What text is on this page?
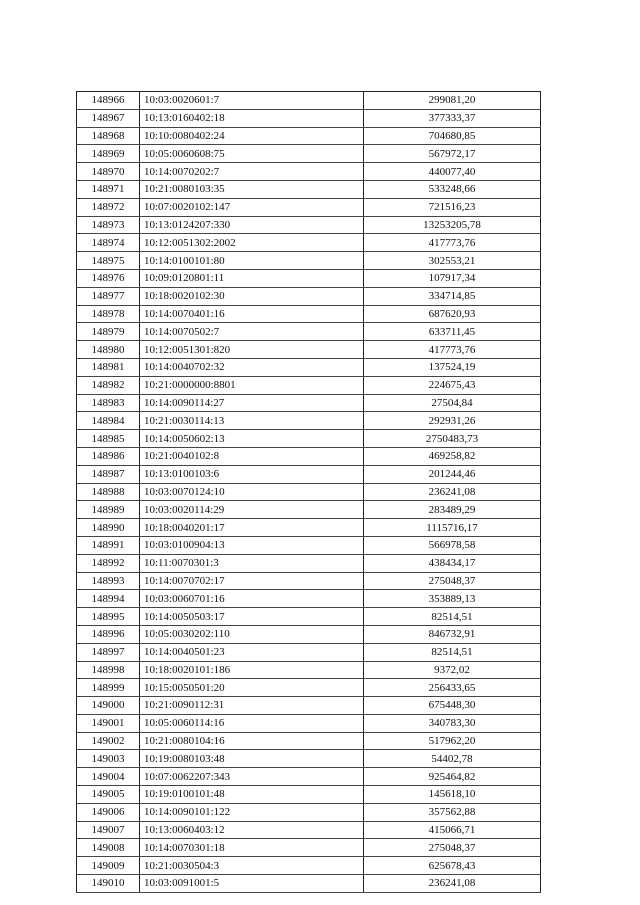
148966	10:03:0020601:7	299081,20
148967	10:13:0160402:18	377333,37
148968	10:10:0080402:24	704680,85
148969	10:05:0060608:75	567972,17
148970	10:14:0070202:7	440077,40
148971	10:21:0080103:35	533248,66
148972	10:07:0020102:147	721516,23
148973	10:13:0124207:330	13253205,78
148974	10:12:0051302:2002	417773,76
148975	10:14:0100101:80	302553,21
148976	10:09:0120801:11	107917,34
148977	10:18:0020102:30	334714,85
148978	10:14:0070401:16	687620,93
148979	10:14:0070502:7	633711,45
148980	10:12:0051301:820	417773,76
148981	10:14:0040702:32	137524,19
148982	10:21:0000000:8801	224675,43
148983	10:14:0090114:27	27504,84
148984	10:21:0030114:13	292931,26
148985	10:14:0050602:13	2750483,73
148986	10:21:0040102:8	469258,82
148987	10:13:0100103:6	201244,46
148988	10:03:0070124:10	236241,08
148989	10:03:0020114:29	283489,29
148990	10:18:0040201:17	1115716,17
148991	10:03:0100904:13	566978,58
148992	10:11:0070301:3	438434,17
148993	10:14:0070702:17	275048,37
148994	10:03:0060701:16	353889,13
148995	10:14:0050503:17	82514,51
148996	10:05:0030202:110	846732,91
148997	10:14:0040501:23	82514,51
148998	10:18:0020101:186	9372,02
148999	10:15:0050501:20	256433,65
149000	10:21:0090112:31	675448,30
149001	10:05:0060114:16	340783,30
149002	10:21:0080104:16	517962,20
149003	10:19:0080103:48	54402,78
149004	10:07:0062207:343	925464,82
149005	10:19:0100101:48	145618,10
149006	10:14:0090101:122	357562,88
149007	10:13:0060403:12	415066,71
149008	10:14:0070301:18	275048,37
149009	10:21:0030504:3	625678,43
149010	10:03:0091001:5	236241,08
